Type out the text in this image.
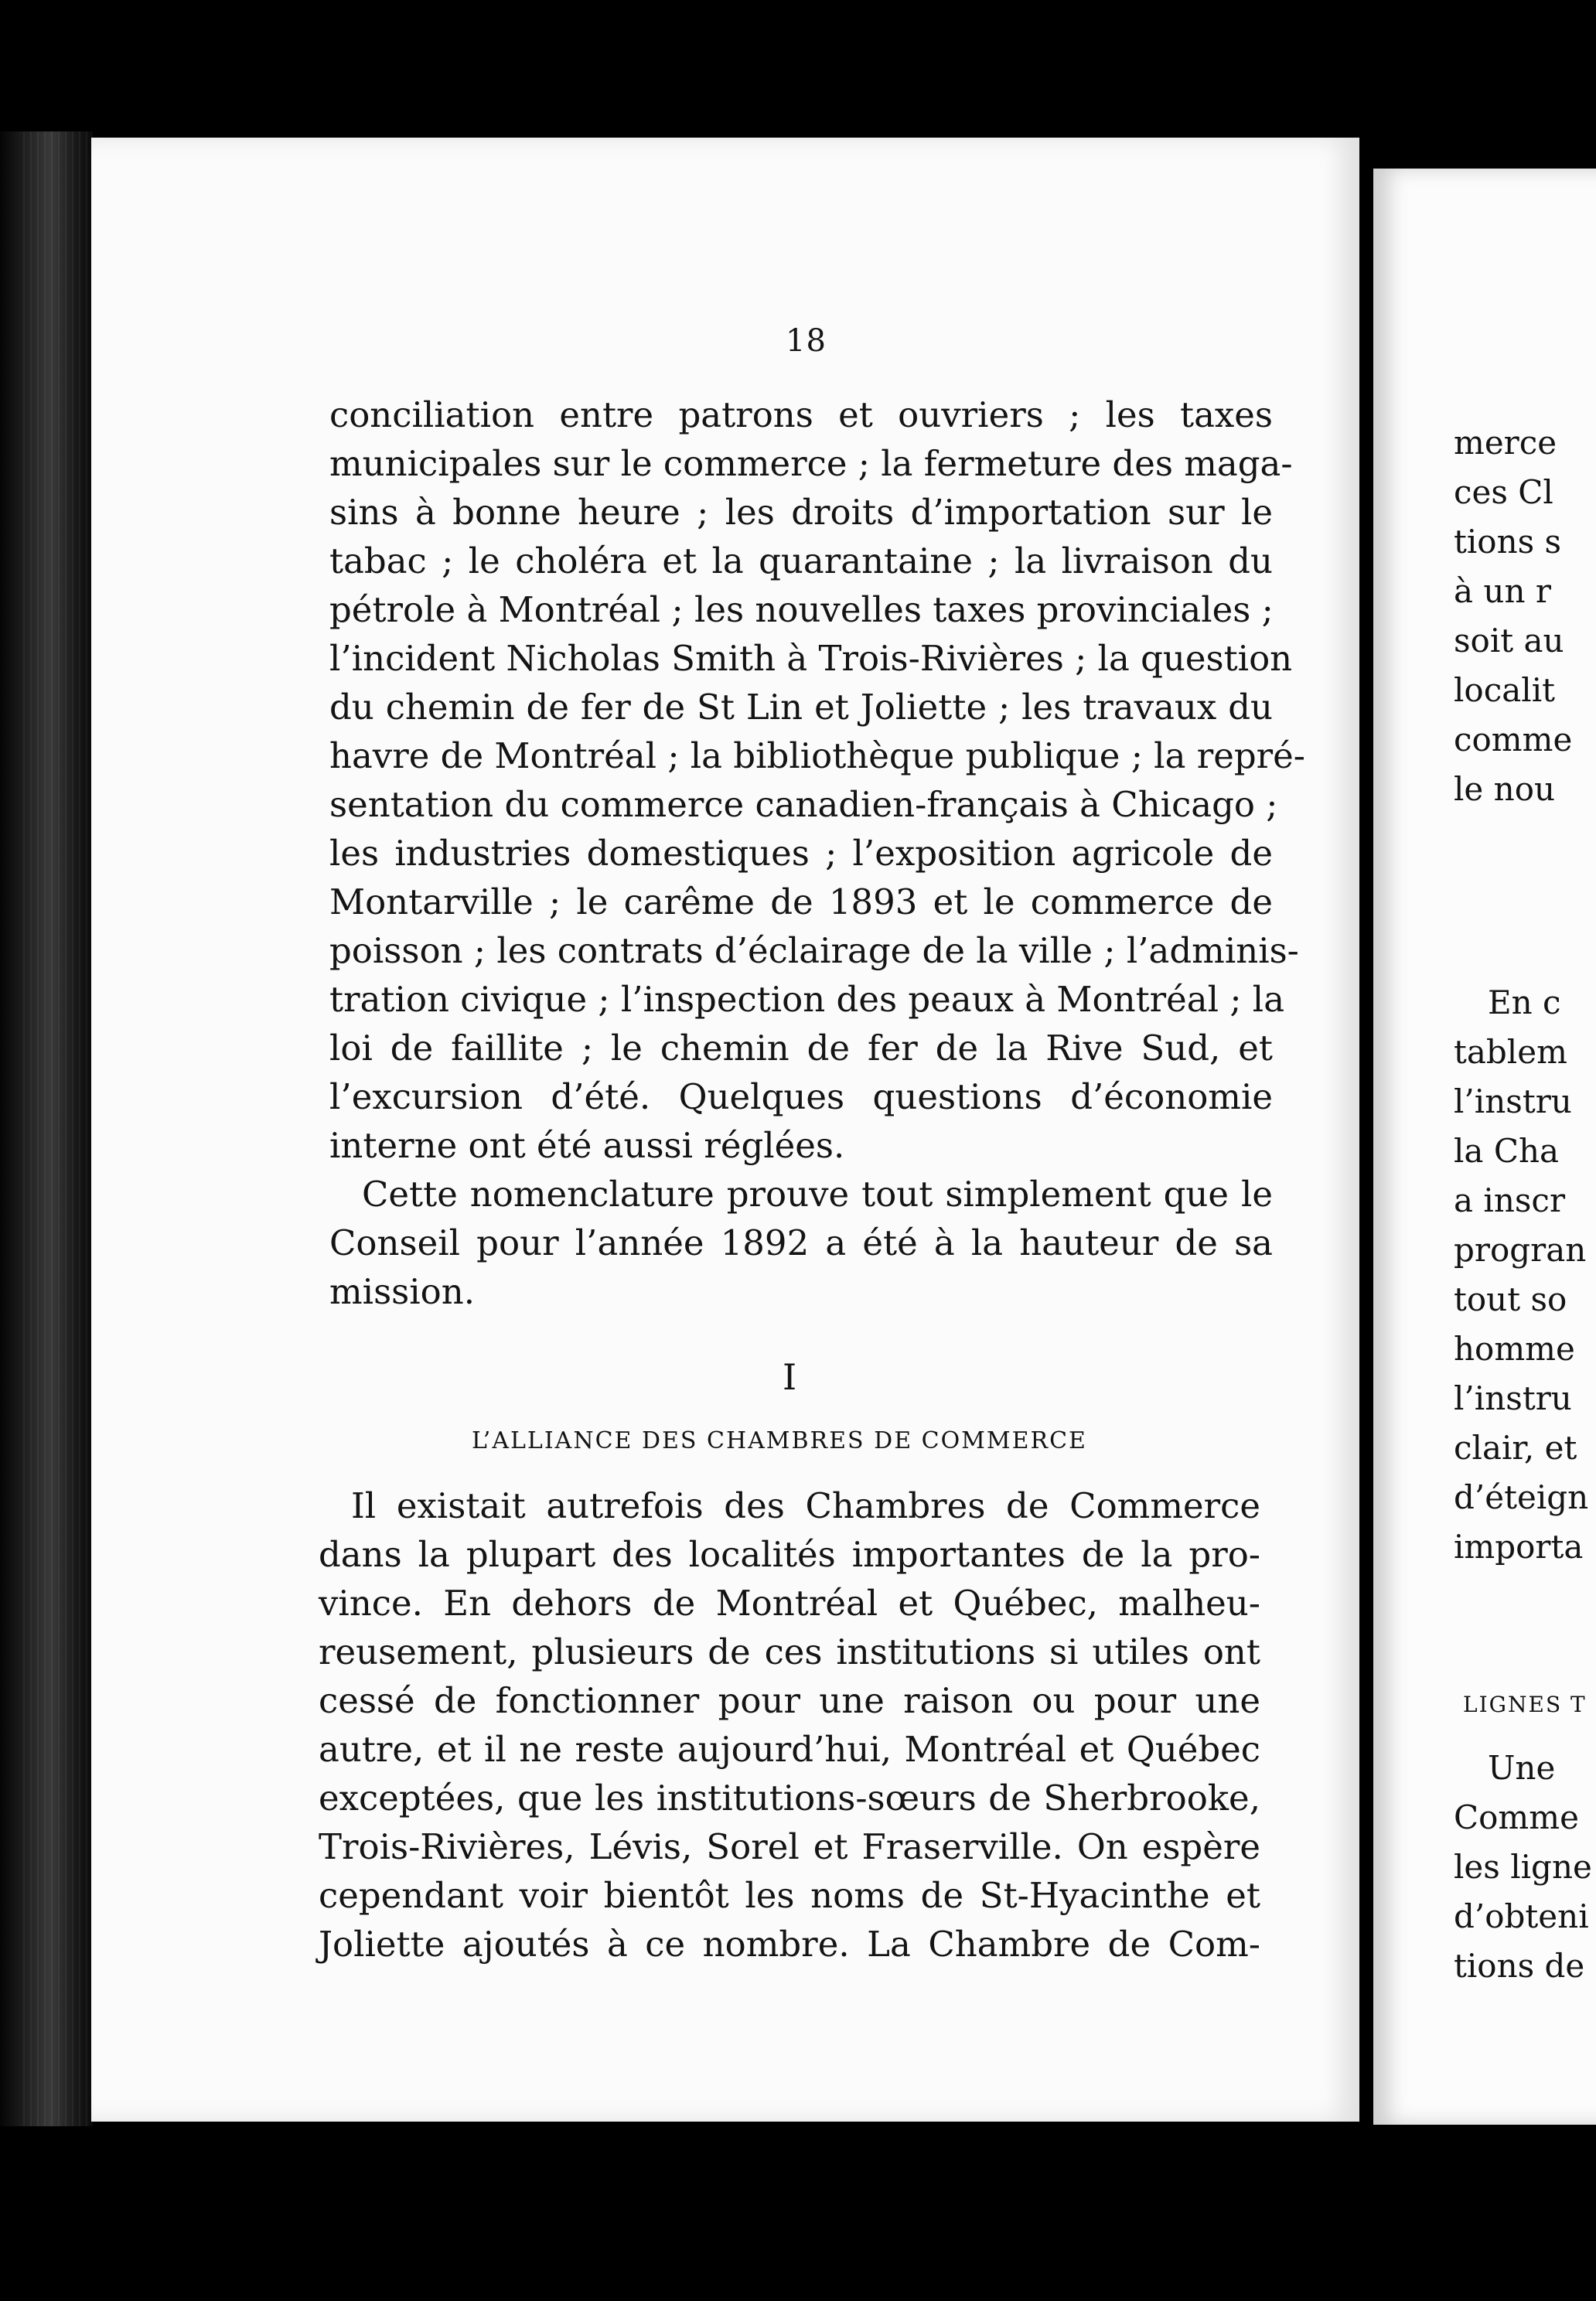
18
conciliation entre patrons et ouvriers ; les taxes
municipales sur le commerce ; la fermeture des maga-
sins à bonne heure ; les droits d’importation sur le
tabac ; le choléra et la quarantaine ; la livraison du
pétrole à Montréal ; les nouvelles taxes provinciales ;
l’incident Nicholas Smith à Trois-Rivières ; la question
du chemin de fer de St Lin et Joliette ; les travaux du
havre de Montréal ; la bibliothèque publique ; la repré-
sentation du commerce canadien-français à Chicago ;
les industries domestiques ; l’exposition agricole de
Montarville ; le carême de 1893 et le commerce de
poisson ; les contrats d’éclairage de la ville ; l’adminis-
tration civique ; l’inspection des peaux à Montréal ; la
loi de faillite ; le chemin de fer de la Rive Sud, et
l’excursion d’été. Quelques questions d’économie
interne ont été aussi réglées.
Cette nomenclature prouve tout simplement que le
Conseil pour l’année 1892 a été à la hauteur de sa
mission.
I
L’ALLIANCE DES CHAMBRES DE COMMERCE
Il existait autrefois des Chambres de Commerce
dans la plupart des localités importantes de la pro-
vince. En dehors de Montréal et Québec, malheu-
reusement, plusieurs de ces institutions si utiles ont
cessé de fonctionner pour une raison ou pour une
autre, et il ne reste aujourd’hui, Montréal et Québec
exceptées, que les institutions-sœurs de Sherbrooke,
Trois-Rivières, Lévis, Sorel et Fraserville. On espère
cependant voir bientôt les noms de St-Hyacinthe et
Joliette ajoutés à ce nombre. La Chambre de Com-
merce
ces Cl
tions s
à un r
soit au
localit
comme
le nou
En c
tablem
l’instru
la Cha
a inscr
progran
tout so
homme
l’instru
clair, et
d’éteign
importa
LIGNES T
Une
Comme
les ligne
d’obteni
tions de
